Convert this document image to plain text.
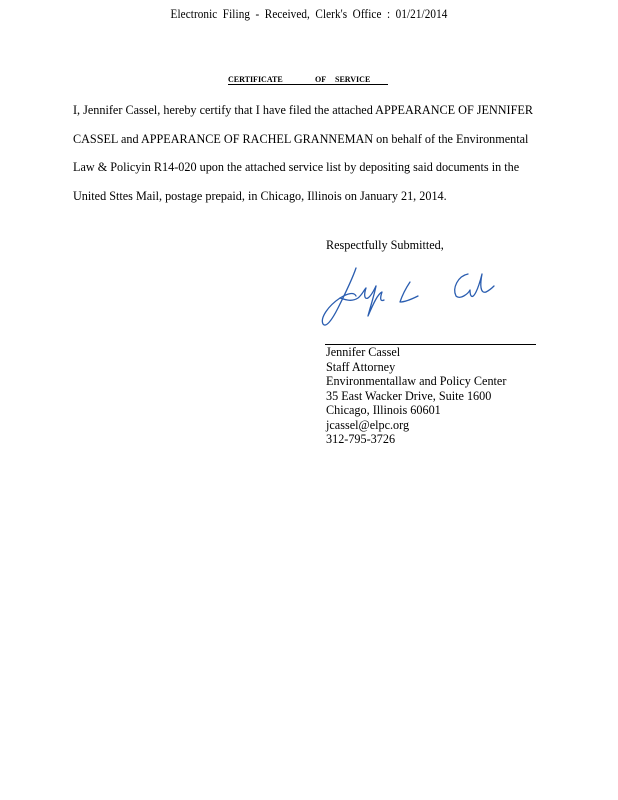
Electronic Filing - Received, Clerk's Office : 01/21/2014
CERTIFICATE	OF SERVICE

I, Jennifer Cassel, hereby certify that I have filed the attached APPEARANCE OF JENNIFER
CASSEL and APPEARANCE OF RACHEL GRANNEMAN on behalf of the Environmental
Law & Policyin R14-020 upon the attached service list by depositing said documents in the
United Sttes Mail, postage prepaid, in Chicago, Illinois on January 21, 2014.

Respectfully Submitted,
Jennifer Cassel
Staff Attorney
Environmentallaw and Policy Center
35 East Wacker Drive, Suite 1600
Chicago, Illinois 60601
jcassel@elpc.org
312-795-3726
